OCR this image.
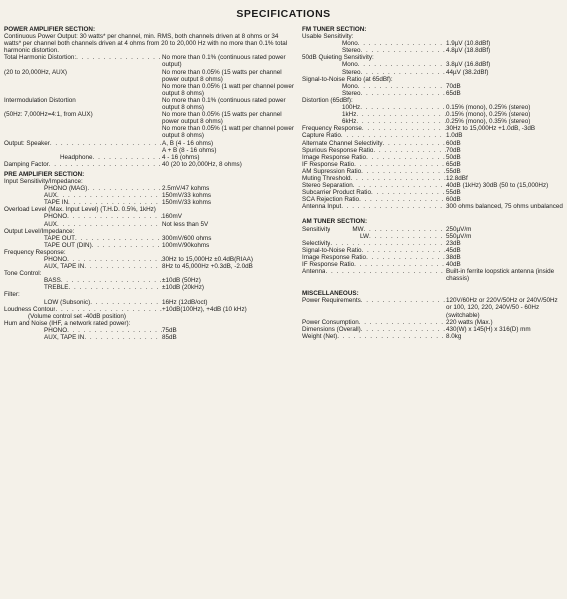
SPECIFICATIONS
POWER AMPLIFIER SECTION:

Continuous Power Output: 30 watts* per channel, min. RMS, both channels driven at 8 ohms or 34 watts* per channel both channels driven at 4 ohms from 20 to 20,000 Hz with no more than 0.1% total harmonic distortion.

Total Harmonic Distortion: . . .	No more than 0.1% (continuous rated power output)
(20 to 20,000Hz, AUX)	No more than 0.05% (15 watts per channel power output 8 ohms)
No more than 0.05% (1 watt per channel power output 8 ohms)
Intermodulation Distortion	No more than 0.1% (continuous rated power output 8 ohms)
(50Hz: 7,000Hz=4:1, from AUX)	No more than 0.05% (15 watts per channel power output 8 ohms)
No more than 0.05% (1 watt per channel power output 8 ohms)
Output: Speaker . . .	A, B (4 - 16 ohms)
A + B (8 - 16 ohms)
Headphone . . .	4 - 16 (ohms)
Damping Factor . . .	40 (20 to 20,000Hz, 8 ohms)
PRE AMPLIFIER SECTION:
Input Sensitivity/Impedance:
PHONO (MAG) . . .	2.5mV/47 kohms
AUX . . .	150mV/33 kohms
TAPE IN . . .	150mV/33 kohms
Overload Level (Max. Input Level) (T.H.D. 0.5%, 1kHz)
PHONO . . .	160mV
AUX . . .	Not less than 5V
Output Level/Impedance:
TAPE OUT . . .	300mV/600 ohms
TAPE OUT (DIN) . . .	100mV/90kohms
Frequency Response:
PHONO . . .	30Hz to 15,000Hz ±0.4dB(RIAA)
AUX, TAPE IN . . .	8Hz to 45,000Hz +0.3dB, -2.0dB
Tone Control:
BASS . . .	±10dB (50Hz)
TREBLE . . .	±10dB (20kHz)
Filter:
LOW (Subsonic) . . .	16Hz (12dB/oct)
Loudness Contour . . .	+10dB(100Hz), +4dB (10 kHz)
(Volume control set -40dB position)
Hum and Noise (IHF, a network rated power):
PHONO . . .	75dB
AUX, TAPE IN . . .	85dB
FM TUNER SECTION:
Usable Sensitivity:
Mono . . .	1.9µV (10.8dBf)
Stereo . . .	4.8µV (18.8dBf)
50dB Quieting Sensitivity:
Mono . . .	3.8µV (16.8dBf)
Stereo . . .	44µV (38.2dBf)
Signal-to-Noise Ratio (at 65dBf):
Mono . . .	70dB
Stereo . . .	65dB
Distortion (65dBf):
100Hz . . .	0.15% (mono), 0.25% (stereo)
1kHz . . .	0.15% (mono), 0.25% (stereo)
6kHz . . .	0.25% (mono), 0.35% (stereo)
Frequency Response . . .	30Hz to 15,000Hz +1.0dB, -3dB
Capture Ratio . . .	1.0dB
Alternate Channel Selectivity . . .	60dB
Spurious Response Ratio . . .	70dB
Image Response Ratio . . .	50dB
IF Response Ratio . . .	65dB
AM Supression Ratio . . .	55dB
Muting Threshold . . .	12.8dBf
Stereo Separation . . .	40dB (1kHz) 30dB (50 to (15,000Hz)
Subcarrier Product Ratio . . .	55dB
SCA Rejection Ratio . . .	60dB
Antenna Input . . .	300 ohms balanced, 75 ohms unbalanced
AM TUNER SECTION:
Sensitivity	MW . . .	250µV/m
LW . . .	550µV/m
Selectivity . . .	23dB
Signal-to-Noise Ratio . . .	45dB
Image Response Ratio . . .	38dB
IF Response Ratio . . .	40dB
Antenna . . .	Built-in ferrite loopstick antenna (inside chassis)
MISCELLANEOUS:
Power Requirements . . .	120V/60Hz or 220V/50Hz or 240V/50Hz or 100, 120, 220, 240V/50 - 60Hz (switchable)
Power Consumption . . .	220 watts (Max.)
Dimensions (Overall) . . .	430(W) x 145(H) x 316(D) mm
Weight (Net) . . .	8.0kg
